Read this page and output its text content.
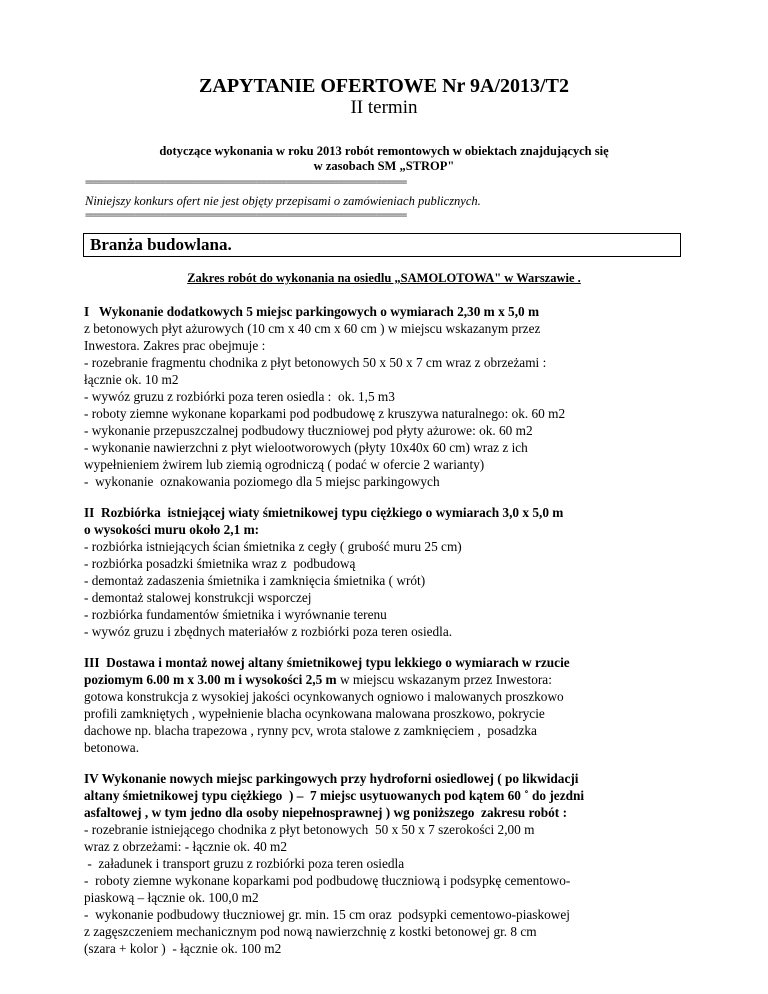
ZAPYTANIE OFERTOWE Nr 9A/2013/T2
II termin
dotyczące wykonania w roku 2013 robót remontowych w obiektach znajdujących się
w zasobach SM „STROP"
================================================================
Niniejszy konkurs ofert nie jest objęty przepisami o zamówieniach publicznych.
================================================================
Branża budowlana.
Zakres robót do wykonania na osiedlu „SAMOLOTOWA" w Warszawie .
I   Wykonanie dodatkowych 5 miejsc parkingowych o wymiarach 2,30 m x 5,0 m
z betonowych płyt ażurowych (10 cm x 40 cm x 60 cm ) w miejscu wskazanym przez
Inwestora. Zakres prac obejmuje :
- rozebranie fragmentu chodnika z płyt betonowych 50 x 50 x 7 cm wraz z obrzeżami :
łącznie ok. 10 m2
- wywóz gruzu z rozbiórki poza teren osiedla :  ok. 1,5 m3
- roboty ziemne wykonane koparkami pod podbudowę z kruszywa naturalnego: ok. 60 m2
- wykonanie przepuszczalnej podbudowy tłuczniowej pod płyty ażurowe: ok. 60 m2
- wykonanie nawierzchni z płyt wielootworowych (płyty 10x40x 60 cm) wraz z ich
wypełnieniem żwirem lub ziemią ogrodniczą ( podać w ofercie 2 warianty)
-  wykonanie  oznakowania poziomego dla 5 miejsc parkingowych
II  Rozbiórka  istniejącej wiaty śmietnikowej typu ciężkiego o wymiarach 3,0 x 5,0 m
o wysokości muru około 2,1 m:
- rozbiórka istniejących ścian śmietnika z cegły ( grubość muru 25 cm)
- rozbiórka posadzki śmietnika wraz z  podbudową
- demontaż zadaszenia śmietnika i zamknięcia śmietnika ( wrót)
- demontaż stalowej konstrukcji wsporczej
- rozbiórka fundamentów śmietnika i wyrównanie terenu
- wywóz gruzu i zbędnych materiałów z rozbiórki poza teren osiedla.
III  Dostawa i montaż nowej altany śmietnikowej typu lekkiego o wymiarach w rzucie
poziomym 6.00 m x 3.00 m i wysokości 2,5 m w miejscu wskazanym przez Inwestora:
gotowa konstrukcja z wysokiej jakości ocynkowanych ogniowo i malowanych proszkowo
profili zamkniętych , wypełnienie blacha ocynkowana malowana proszkowo, pokrycie
dachowe np. blacha trapezowa , rynny pcv, wrota stalowe z zamknięciem ,  posadzka
betonowa.
IV Wykonanie nowych miejsc parkingowych przy hydroforni osiedlowej ( po likwidacji
altany śmietnikowej typu ciężkiego  ) –  7 miejsc usytuowanych pod kątem 60 ˚ do jezdni
asfaltowej , w tym jedno dla osoby niepełnosprawnej ) wg poniższego  zakresu robót :
- rozebranie istniejącego chodnika z płyt betonowych  50 x 50 x 7 szerokości 2,00 m
wraz z obrzeżami: - łącznie ok. 40 m2
-  załadunek i transport gruzu z rozbiórki poza teren osiedla
-  roboty ziemne wykonane koparkami pod podbudowę tłuczniową i podsypkę cementowo-
piaskową – łącznie ok. 100,0 m2
-  wykonanie podbudowy tłuczniowej gr. min. 15 cm oraz  podsypki cementowo-piaskowej
z zagęszczeniem mechanicznym pod nową nawierzchnię z kostki betonowej gr. 8 cm
(szara + kolor )  - łącznie ok. 100 m2
